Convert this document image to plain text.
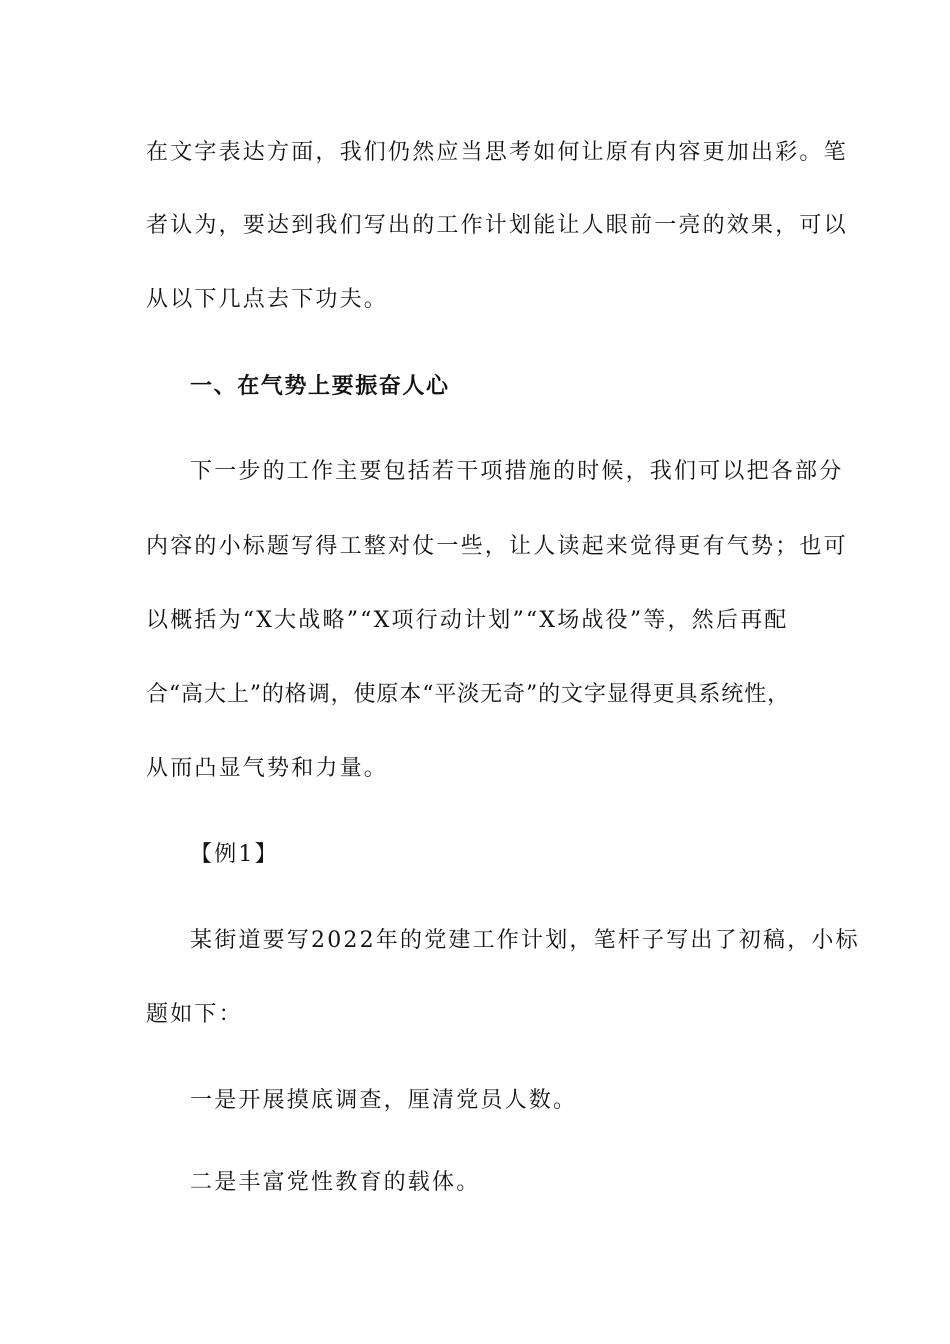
在文字表达方面，我们仍然应当思考如何让原有内容更加出彩。笔
者认为，要达到我们写出的工作计划能让人眼前一亮的效果，可以
从以下几点去下功夫。
一、在气势上要振奋人心
下一步的工作主要包括若干项措施的时候，我们可以把各部分
内容的小标题写得工整对仗一些，让人读起来觉得更有气势；也可
以概括为“X大战略”“X项行动计划”“X场战役”等，然后再配
合“高大上”的格调，使原本“平淡无奇”的文字显得更具系统性，
从而凸显气势和力量。
【例1】
某街道要写2022年的党建工作计划，笔杆子写出了初稿，小标
题如下：
一是开展摸底调查，厘清党员人数。
二是丰富党性教育的载体。
